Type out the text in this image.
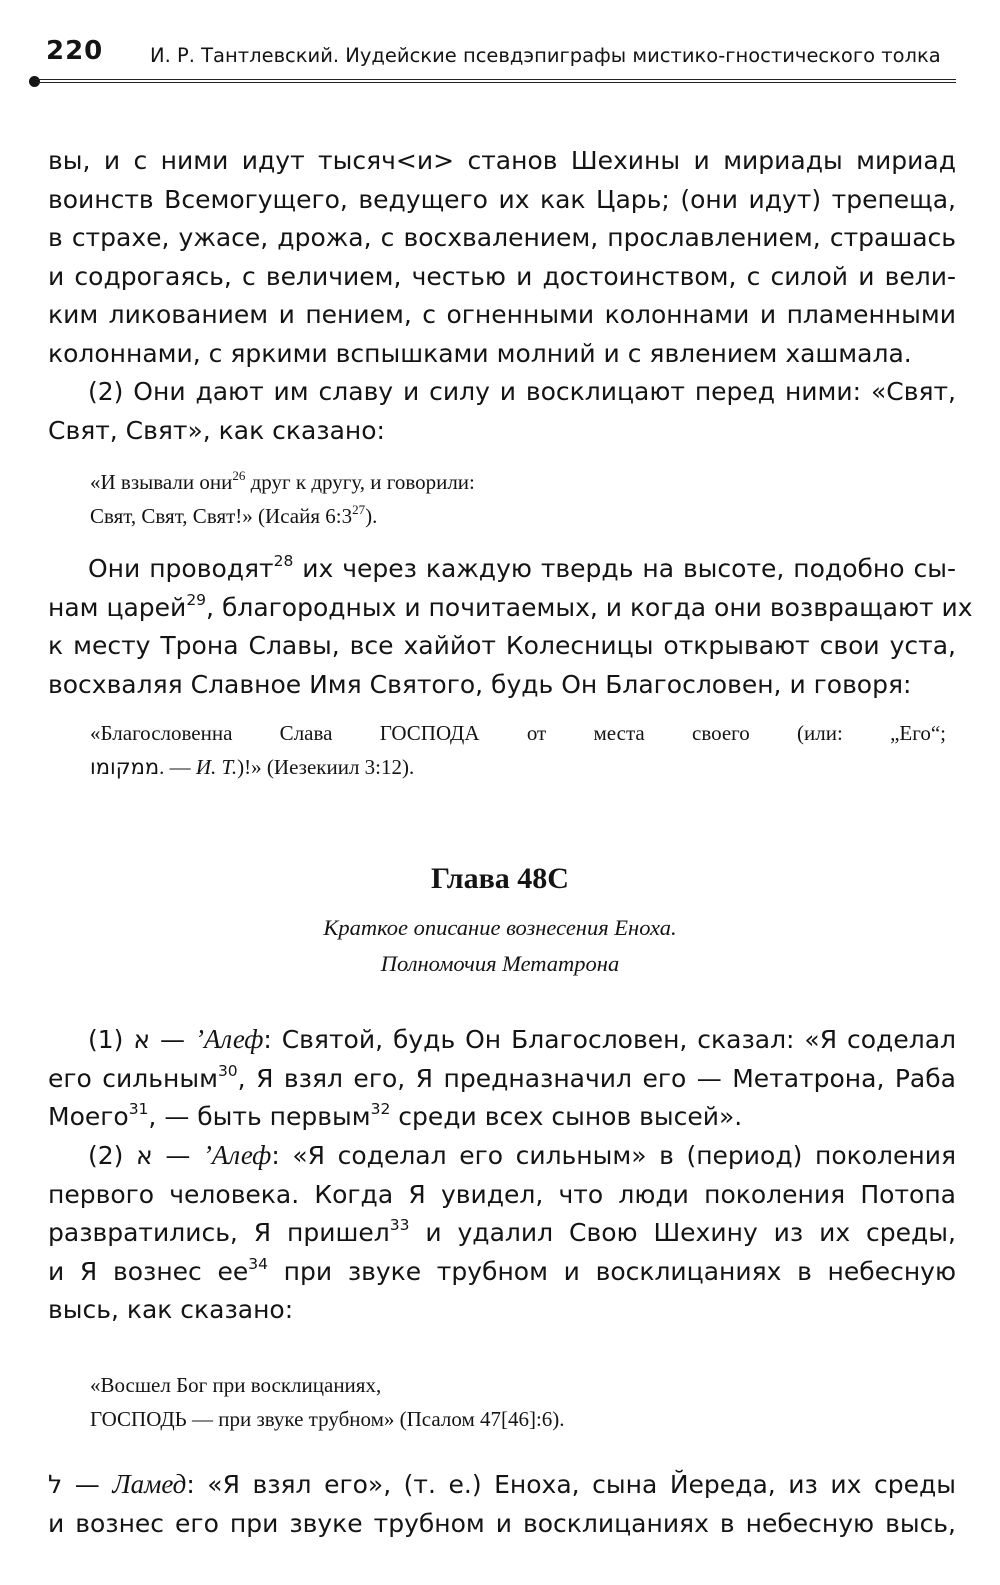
220 И. Р. Тантлевский. Иудейские псевдэпиграфы мистико-гностического толка
вы, и с ними идут тысяч<и> станов Шехины и мириады мириад
воинств Всемогущего, ведущего их как Царь; (они идут) трепеща,
в страхе, ужасе, дрожа, с восхвалением, прославлением, страшась
и содрогаясь, с величием, честью и достоинством, с силой и вели-
ким ликованием и пением, с огненными колоннами и пламенными
колоннами, с яркими вспышками молний и с явлением хашмала.
(2) Они дают им славу и силу и восклицают перед ними: «Свят,
Свят, Свят», как сказано:
«И взывали они$^{26}$ друг к другу, и говорили:
Свят, Свят, Свят!» (Исайя $6:3^{27}$).
Они проводят$^{28}$ их через каждую твердь на высоте, подобно сы-
нам царей$^{29}$, благородных и почитаемых, и когда они возвращают их
к месту Трона Славы, все хаййот Колесницы открывают свои уста,
восхваляя Славное Имя Святого, будь Он Благословен, и говоря:
«Благословенна Слава ГОСПОДА от места своего (или: „Его“;
ממקומו. — И. Т.)!» (Иезекиил 3:12).
Глава 48С
Краткое описание вознесения Еноха.
Полномочия Метатрона
(1) א — ’Алеф: Святой, будь Он Благословен, сказал: «Я соделал
его сильным$^{30}$, Я взял его, Я предназначил его — Метатрона, Раба
Моего$^{31}$, — быть первым$^{32}$ среди всех сынов высей».
(2) א — ’Алеф: «Я соделал его сильным» в (период) поколения
первого человека. Когда Я увидел, что люди поколения Потопа
развратились, Я пришел$^{33}$ и удалил Свою Шехину из их среды,
и Я вознес $ее^{34}$ при звуке трубном и восклицаниях в небесную
высь, как сказано:
«Восшел Бог при восклицаниях,
ГОСПОДЬ — при звуке трубном» (Псалом 47[46]:6).
ל — Ламед: «Я взял его», (т. е.) Еноха, сына Йереда, из их среды
и вознес его при звуке трубном и восклицаниях в небесную высь,
